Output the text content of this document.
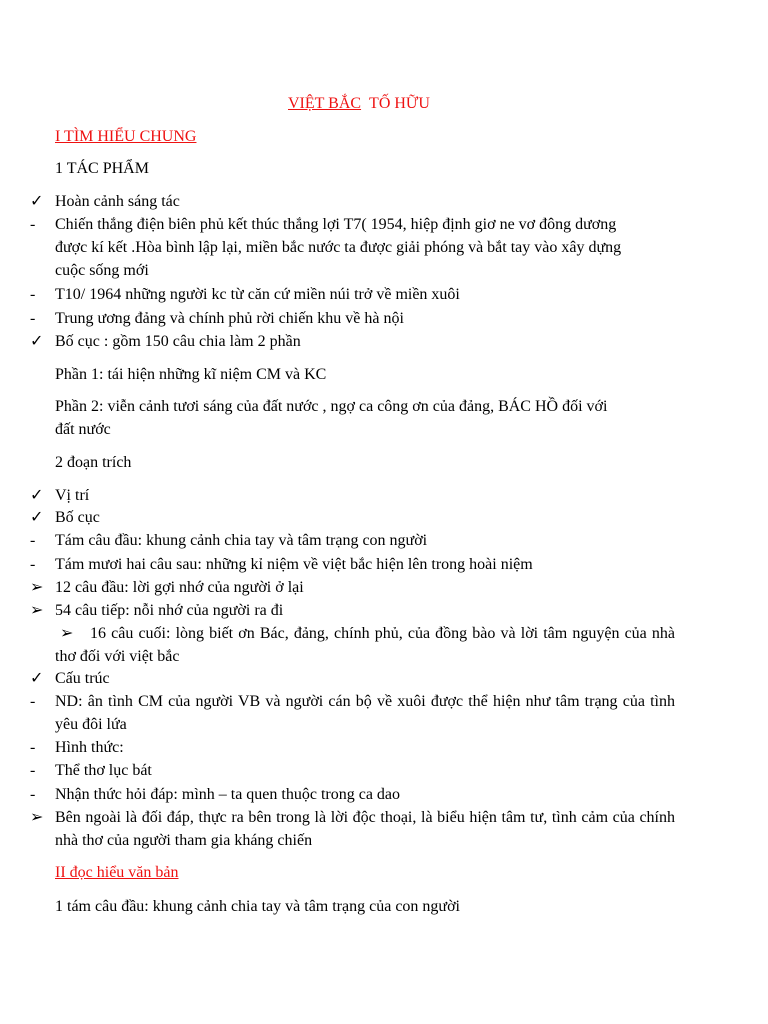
VIỆT BẮC TỐ HỮU
I TÌM HIỂU CHUNG
1 TÁC PHẨM
✓ Hoàn cảnh sáng tác
-	Chiến thắng điện biên phủ kết thúc thắng lợi T7( 1954, hiệp định giơ ne vơ đông dương
được kí kết .Hòa bình lập lại, miền bắc nước ta được giải phóng và bắt tay vào xây dựng
cuộc sống mới
-	T10/ 1964 những người kc từ căn cứ miền núi trở về miền xuôi
-	Trung ương đảng và chính phủ rời chiến khu về hà nội
✓ Bố cục : gồm 150 câu chia làm 2 phần
Phần 1: tái hiện những kĩ niệm CM và KC
Phần 2: viễn cảnh tươi sáng của đất nước , ngợ ca công ơn của đảng, BÁC HỒ đối với
đất nước
2 đoạn trích
✓ Vị trí
✓ Bố cục
-	Tám câu đầu: khung cảnh chia tay và tâm trạng con người
-	Tám mươi hai câu sau: những kỉ niệm về việt bắc hiện lên trong hoài niệm
➢ 12 câu đầu: lời gợi nhớ của người ở lại
➢ 54 câu tiếp: nỗi nhớ của người ra đi
➢	16 câu cuối: lòng biết ơn Bác, đảng, chính phủ, của đồng bào và lời tâm nguyện của nhà thơ đối với việt bắc
✓ Cấu trúc
-	ND: ân tình CM của người VB và người cán bộ về xuôi được thể hiện như tâm trạng của tình yêu đôi lứa
-	Hình thức:
-	Thể thơ lục bát
-	Nhận thức hỏi đáp: mình – ta quen thuộc trong ca dao
➢ Bên ngoài là đối đáp, thực ra bên trong là lời độc thoại, là biểu hiện tâm tư, tình cảm của chính nhà thơ của người tham gia kháng chiến
II đọc hiểu văn bản
1 tám câu đầu: khung cảnh chia tay và tâm trạng của con người
